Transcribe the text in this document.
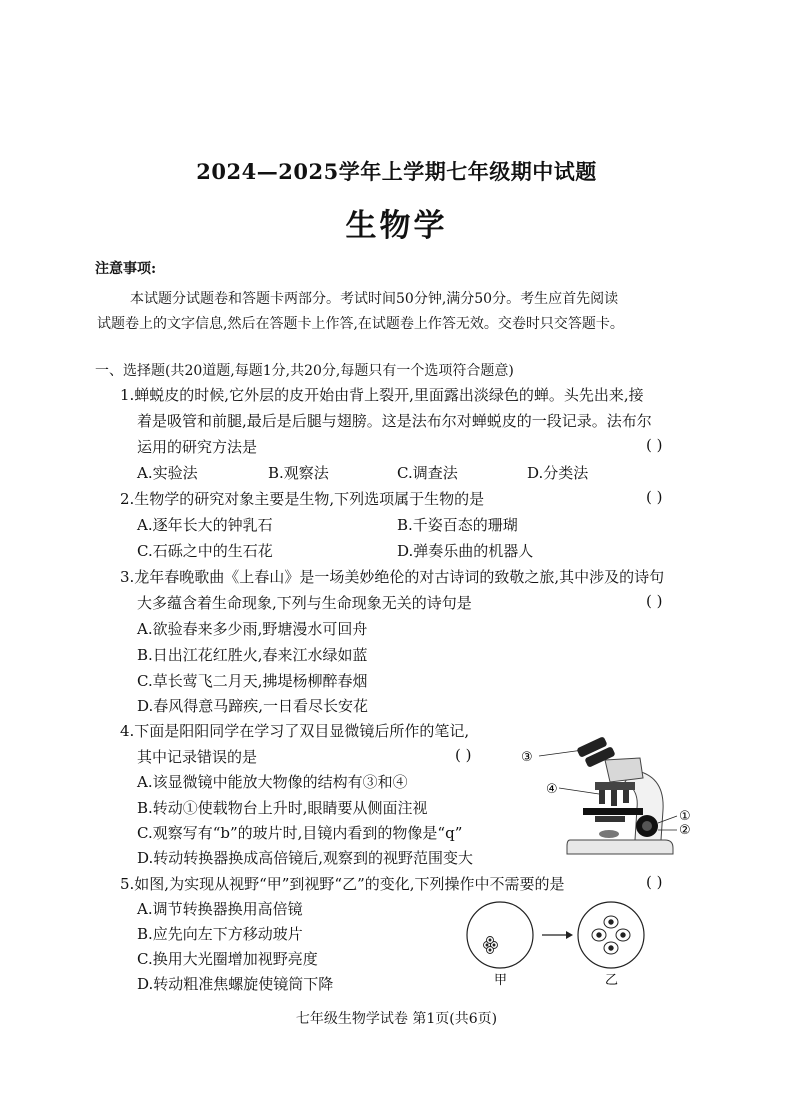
2024—2025学年上学期七年级期中试题
生物学
注意事项:
本试题分试题卷和答题卡两部分。考试时间50分钟,满分50分。考生应首先阅读
试题卷上的文字信息,然后在答题卡上作答,在试题卷上作答无效。交卷时只交答题卡。
一、选择题(共20道题,每题1分,共20分,每题只有一个选项符合题意)
1.蝉蜕皮的时候,它外层的皮开始由背上裂开,里面露出淡绿色的蝉。头先出来,接
着是吸管和前腿,最后是后腿与翅膀。这是法布尔对蝉蜕皮的一段记录。法布尔
运用的研究方法是	( )
A.实验法	B.观察法	C.调查法	D.分类法
2.生物学的研究对象主要是生物,下列选项属于生物的是	( )
A.逐年长大的钟乳石	B.千姿百态的珊瑚
C.石砾之中的生石花	D.弹奏乐曲的机器人
3.龙年春晚歌曲《上春山》是一场美妙绝伦的对古诗词的致敬之旅,其中涉及的诗句
大多蕴含着生命现象,下列与生命现象无关的诗句是	( )
A.欲验春来多少雨,野塘漫水可回舟
B.日出江花红胜火,春来江水绿如蓝
C.草长莺飞二月天,拂堤杨柳醉春烟
D.春风得意马蹄疾,一日看尽长安花
4.下面是阳阳同学在学习了双目显微镜后所作的笔记,
其中记录错误的是	( )
A.该显微镜中能放大物像的结构有③和④
B.转动①使载物台上升时,眼睛要从侧面注视
C.观察写有“b”的玻片时,目镜内看到的物像是“q”
D.转动转换器换成高倍镜后,观察到的视野范围变大
③
④
①
②
5.如图,为实现从视野“甲”到视野“乙”的变化,下列操作中不需要的是	( )
A.调节转换器换用高倍镜
B.应先向左下方移动玻片
C.换用大光圈增加视野亮度
D.转动粗准焦螺旋使镜筒下降	甲	乙
七年级生物学试卷 第1页(共6页)
